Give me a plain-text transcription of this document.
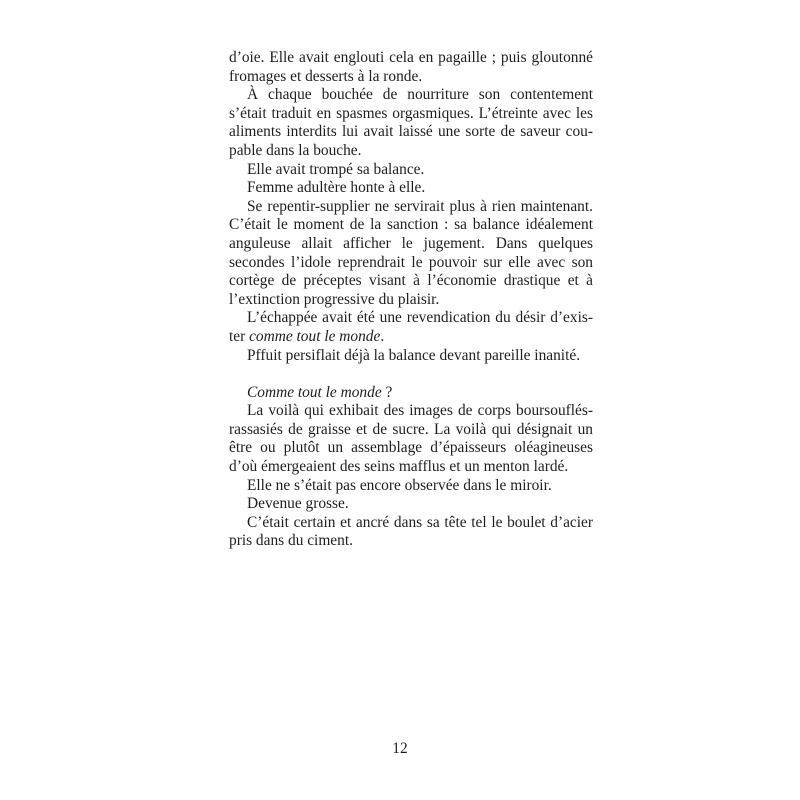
d’oie. Elle avait englouti cela en pagaille ; puis gloutonné fromages et desserts à la ronde.

À chaque bouchée de nourriture son contentement s’était traduit en spasmes orgasmiques. L’étreinte avec les aliments interdits lui avait laissé une sorte de saveur coupable dans la bouche.

Elle avait trompé sa balance.

Femme adultère honte à elle.

Se repentir-supplier ne servirait plus à rien maintenant. C’était le moment de la sanction : sa balance idéalement anguleuse allait afficher le jugement. Dans quelques secondes l’idole reprendrait le pouvoir sur elle avec son cortège de préceptes visant à l’économie drastique et à l’extinction progressive du plaisir.

L’échappée avait été une revendication du désir d’exister comme tout le monde.

Pffuit persiflait déjà la balance devant pareille inanité.

Comme tout le monde ?

La voilà qui exhibait des images de corps boursouflés-rassasiés de graisse et de sucre. La voilà qui désignait un être ou plutôt un assemblage d’épaisseurs oléagineuses d’où émergeaient des seins mafflus et un menton lardé.

Elle ne s’était pas encore observée dans le miroir.

Devenue grosse.

C’était certain et ancré dans sa tête tel le boulet d’acier pris dans du ciment.

12
